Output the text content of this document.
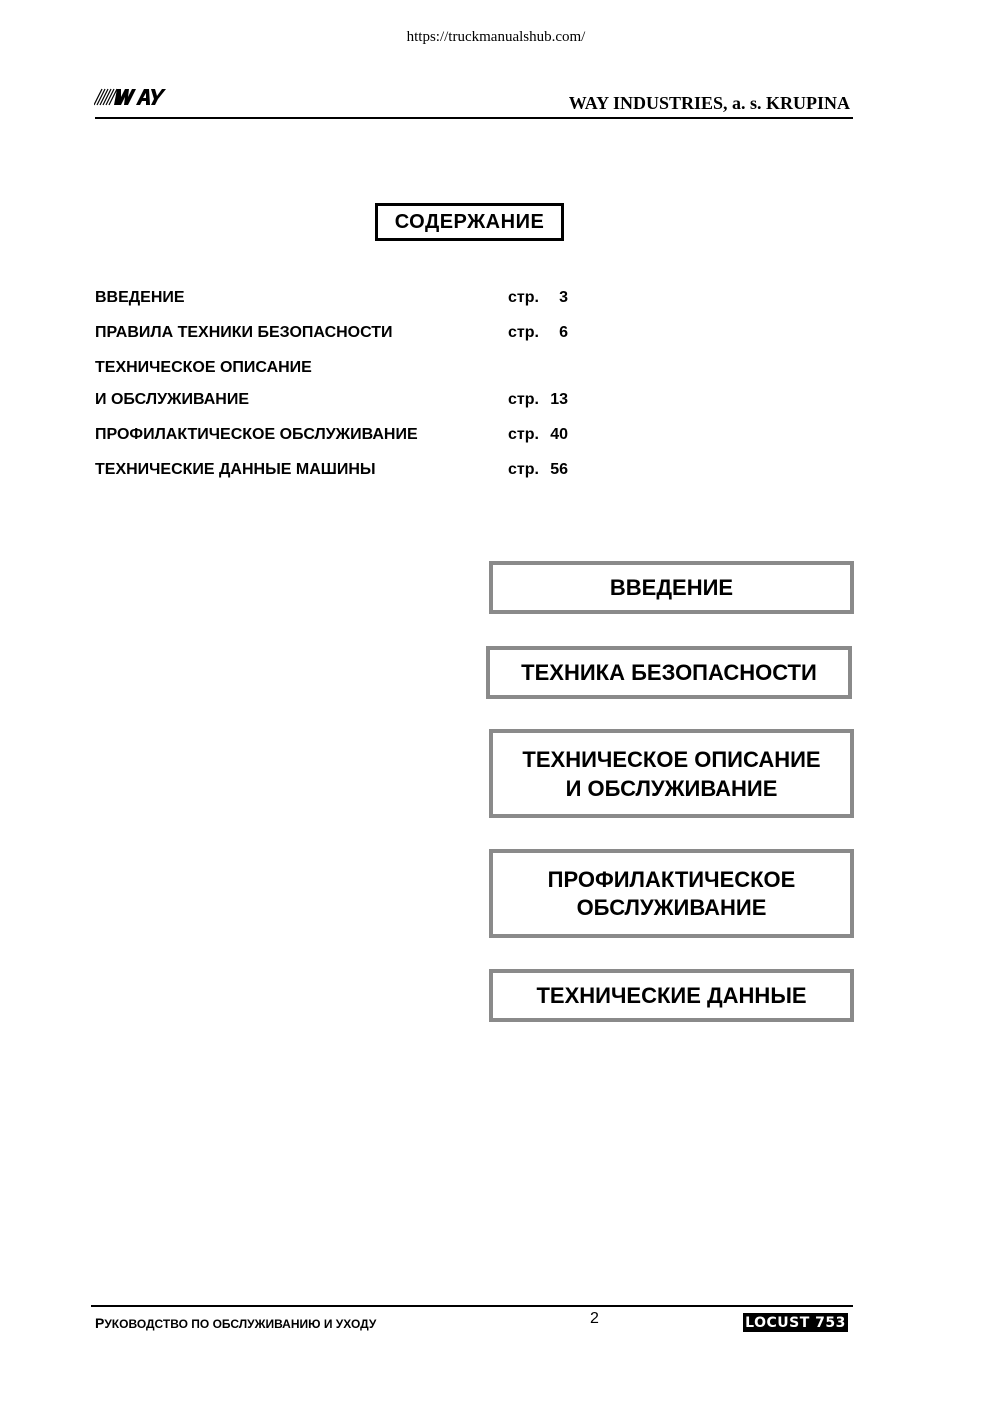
https://truckmanualshub.com/
WAY INDUSTRIES, a. s. KRUPINA
СОДЕРЖАНИЕ
ВВЕДЕНИЕ	стр. 3
ПРАВИЛА ТЕХНИКИ БЕЗОПАСНОСТИ	стр. 6
ТЕХНИЧЕСКОЕ ОПИСАНИЕ
И ОБСЛУЖИВАНИЕ	стр. 13
ПРОФИЛАКТИЧЕСКОЕ ОБСЛУЖИВАНИЕ	стр. 40
ТЕХНИЧЕСКИЕ ДАННЫЕ МАШИНЫ	стр. 56
ВВЕДЕНИЕ
ТЕХНИКА БЕЗОПАСНОСТИ
ТЕХНИЧЕСКОЕ ОПИСАНИЕ
И ОБСЛУЖИВАНИЕ
ПРОФИЛАКТИЧЕСКОЕ
ОБСЛУЖИВАНИЕ
ТЕХНИЧЕСКИЕ ДАННЫЕ
РУКОВОДСТВО ПО ОБСЛУЖИВАНИЮ И УХОДУ	2	LOCUST 753
